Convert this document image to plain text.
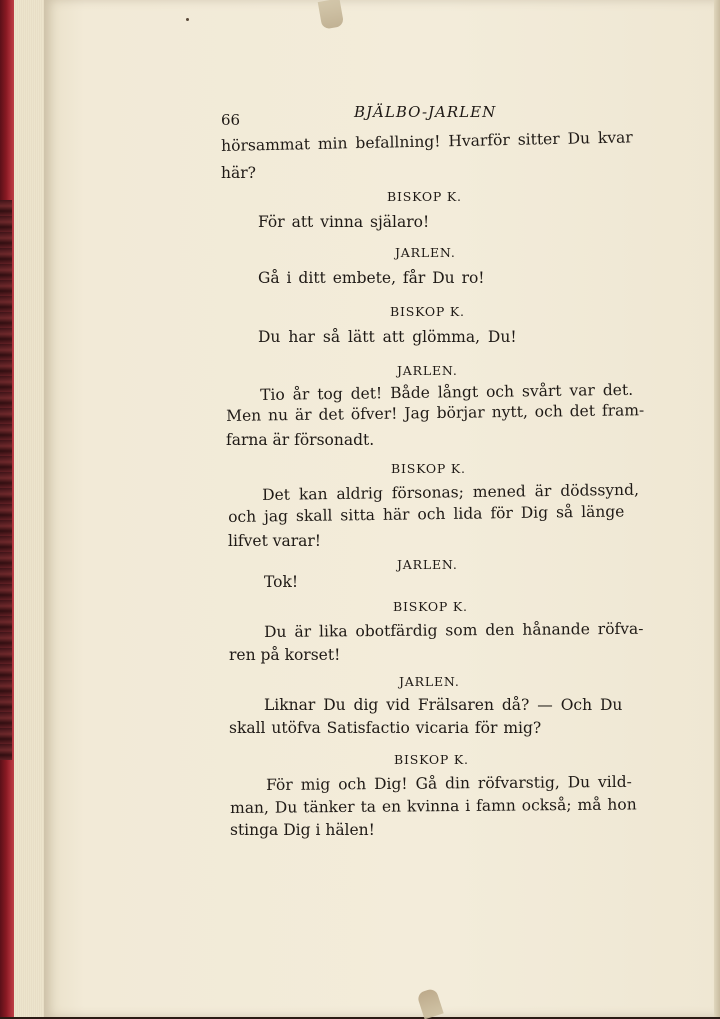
66	BJÄLBO-JARLEN
hörsammat min befallning! Hvarför sitter Du kvar
här?
BISKOP K.
För att vinna själaro!
JARLEN.
Gå i ditt embete, får Du ro!
BISKOP K.
Du har så lätt att glömma, Du!
JARLEN.
Tio år tog det! Både långt och svårt var det.
Men nu är det öfver! Jag börjar nytt, och det fram-
farna är försonadt.
BISKOP K.
Det kan aldrig försonas; mened är dödssynd,
och jag skall sitta här och lida för Dig så länge
lifvet varar!
JARLEN.
Tok!
BISKOP K.
Du är lika obotfärdig som den hånande röfva-
ren på korset!
JARLEN.
Liknar Du dig vid Frälsaren då? — Och Du
skall utöfva Satisfactio vicaria för mig?
BISKOP K.
För mig och Dig! Gå din röfvarstig, Du vild-
man, Du tänker ta en kvinna i famn också; må hon
stinga Dig i hälen!
